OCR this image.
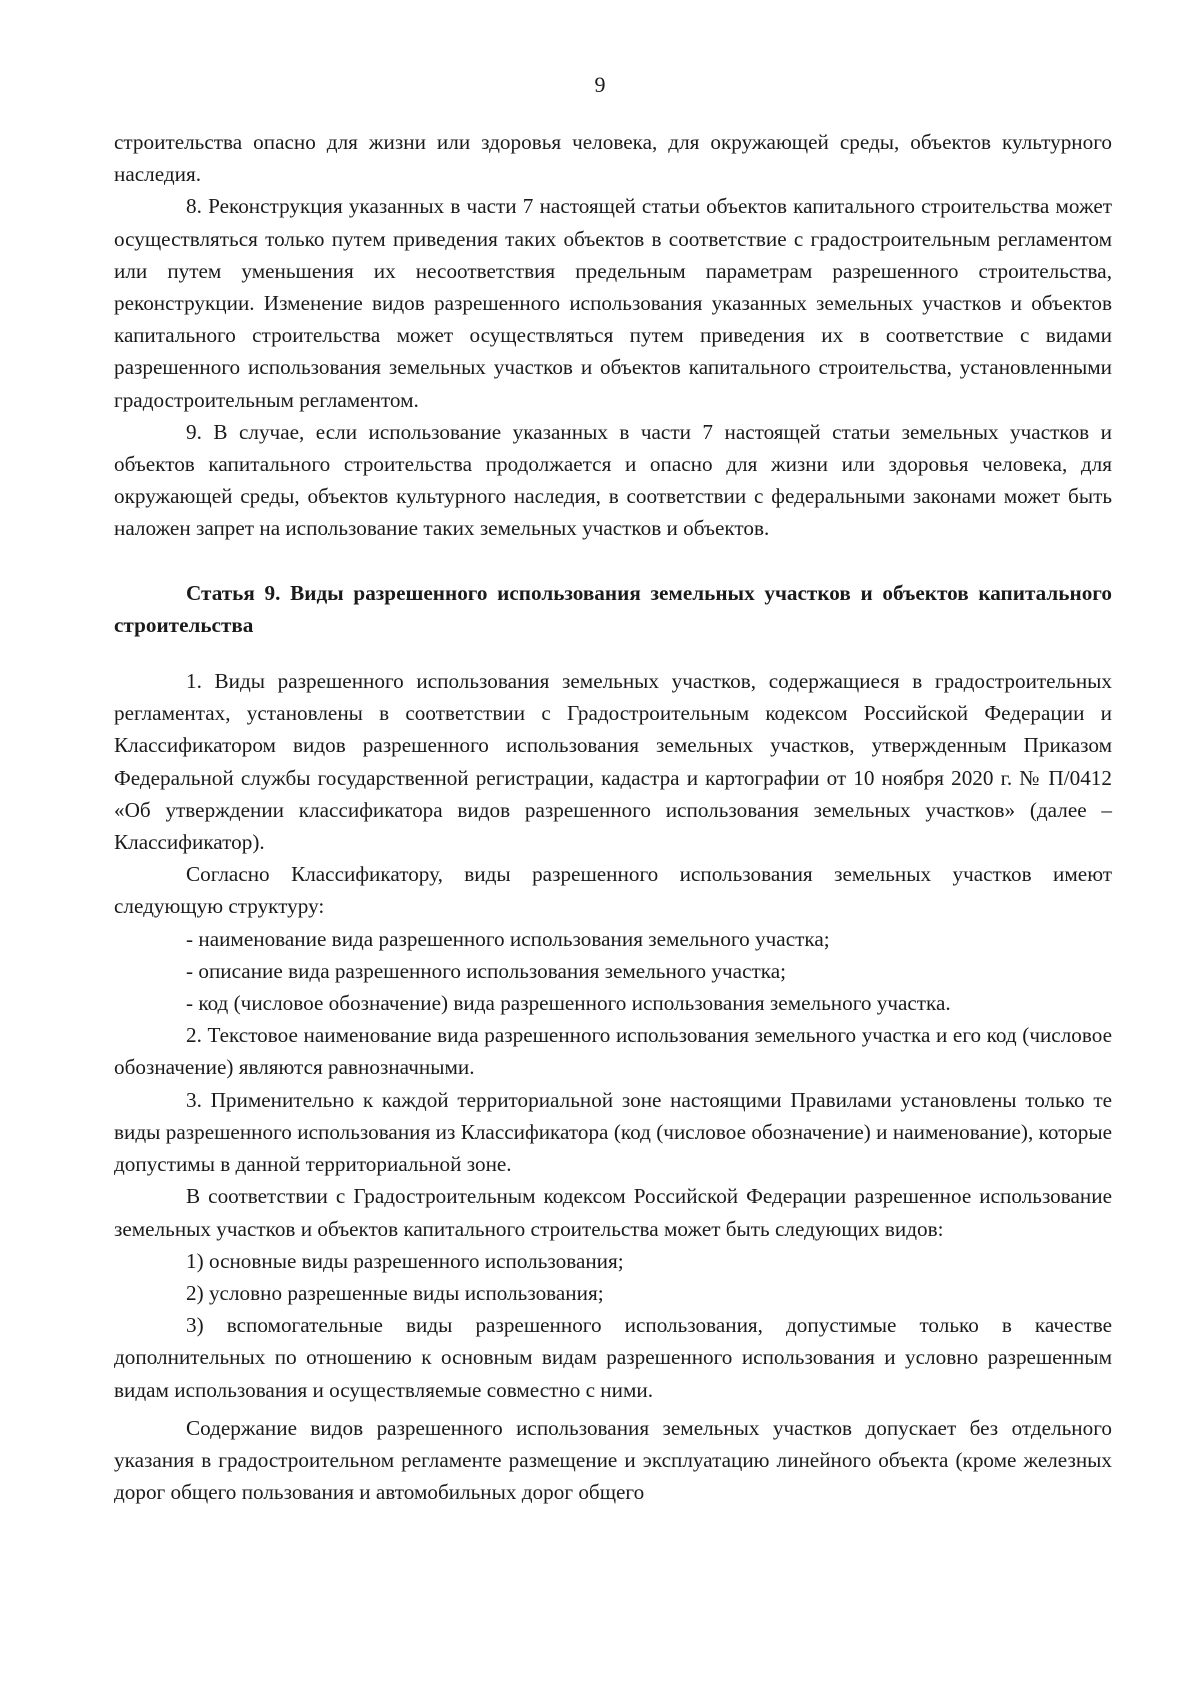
9

строительства опасно для жизни или здоровья человека, для окружающей среды, объектов культурного наследия.

8. Реконструкция указанных в части 7 настоящей статьи объектов капитального строительства может осуществляться только путем приведения таких объектов в соответствие с градостроительным регламентом или путем уменьшения их несоответствия предельным параметрам разрешенного строительства, реконструкции. Изменение видов разрешенного использования указанных земельных участков и объектов капитального строительства может осуществляться путем приведения их в соответствие с видами разрешенного использования земельных участков и объектов капитального строительства, установленными градостроительным регламентом.

9. В случае, если использование указанных в части 7 настоящей статьи земельных участков и объектов капитального строительства продолжается и опасно для жизни или здоровья человека, для окружающей среды, объектов культурного наследия, в соответствии с федеральными законами может быть наложен запрет на использование таких земельных участков и объектов.

Статья 9. Виды разрешенного использования земельных участков и объектов капитального строительства

1. Виды разрешенного использования земельных участков, содержащиеся в градостроительных регламентах, установлены в соответствии с Градостроительным кодексом Российской Федерации и Классификатором видов разрешенного использования земельных участков, утвержденным Приказом Федеральной службы государственной регистрации, кадастра и картографии от 10 ноября 2020 г. № П/0412 «Об утверждении классификатора видов разрешенного использования земельных участков» (далее – Классификатор).

Согласно Классификатору, виды разрешенного использования земельных участков имеют следующую структуру:

- наименование вида разрешенного использования земельного участка;

- описание вида разрешенного использования земельного участка;

- код (числовое обозначение) вида разрешенного использования земельного участка.

2. Текстовое наименование вида разрешенного использования земельного участка и его код (числовое обозначение) являются равнозначными.

3. Применительно к каждой территориальной зоне настоящими Правилами установлены только те виды разрешенного использования из Классификатора (код (числовое обозначение) и наименование), которые допустимы в данной территориальной зоне.

В соответствии с Градостроительным кодексом Российской Федерации разрешенное использование земельных участков и объектов капитального строительства может быть следующих видов:

1) основные виды разрешенного использования;

2) условно разрешенные виды использования;

3) вспомогательные виды разрешенного использования, допустимые только в качестве дополнительных по отношению к основным видам разрешенного использования и условно разрешенным видам использования и осуществляемые совместно с ними.

Содержание видов разрешенного использования земельных участков допускает без отдельного указания в градостроительном регламенте размещение и эксплуатацию линейного объекта (кроме железных дорог общего пользования и автомобильных дорог общего
